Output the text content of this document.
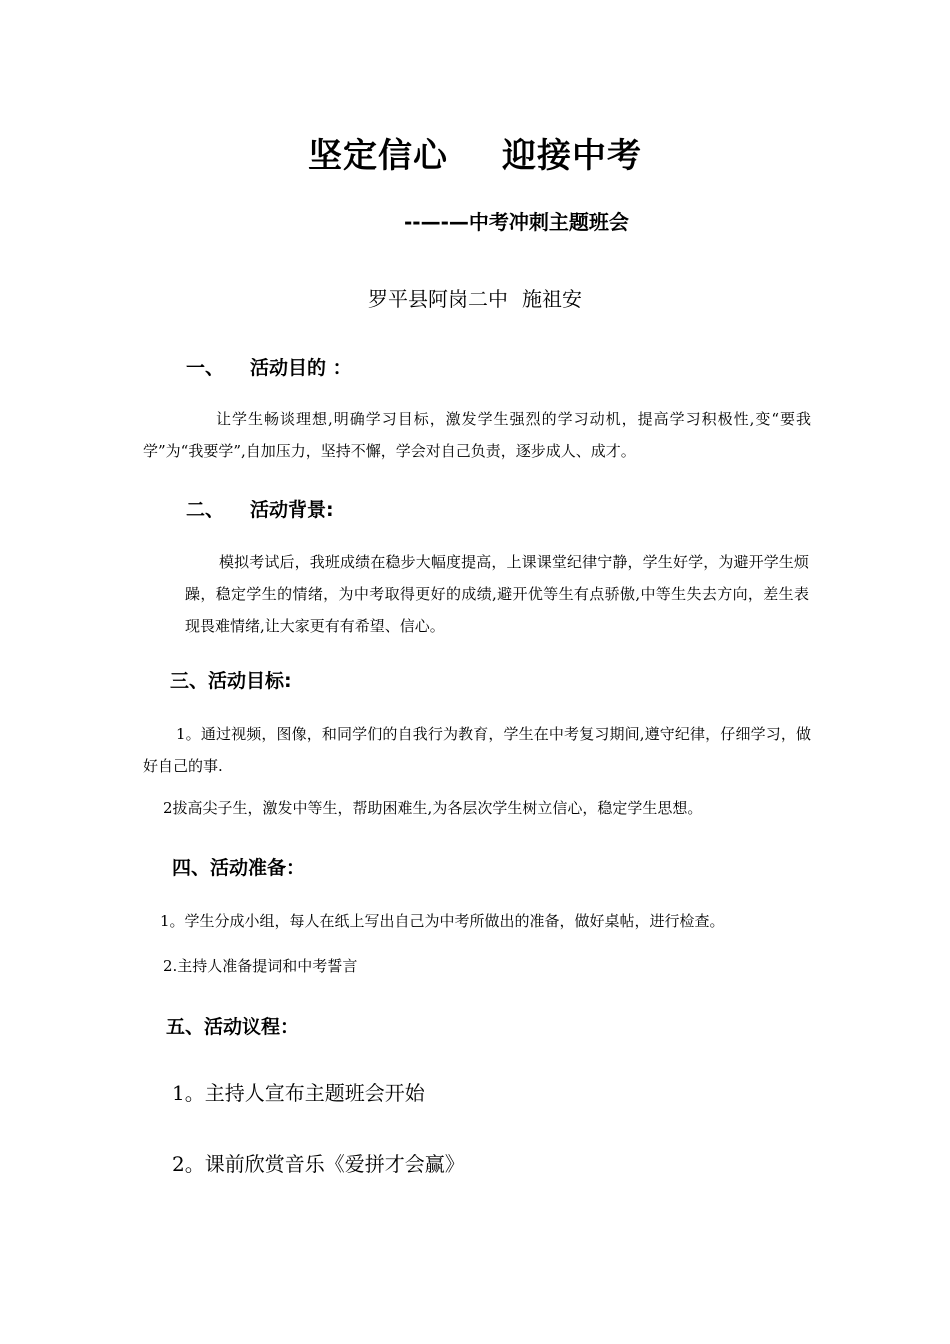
坚定信心 迎接中考
--—-—中考冲刺主题班会
罗平县阿岗二中 施祖安
一、 活动目的 ：
让学生畅谈理想,明确学习目标，激发学生强烈的学习动机，提高学习积极性,变“要我学”为“我要学”,自加压力，坚持不懈，学会对自己负责，逐步成人、成才。
二、 活动背景:
模拟考试后，我班成绩在稳步大幅度提高，上课课堂纪律宁静，学生好学，为避开学生烦躁，稳定学生的情绪，为中考取得更好的成绩,避开优等生有点骄傲,中等生失去方向，差生表现畏难情绪,让大家更有有希望、信心。
三、活动目标:
1。通过视频，图像，和同学们的自我行为教育，学生在中考复习期间,遵守纪律，仔细学习，做好自己的事.
2拔高尖子生，激发中等生，帮助困难生,为各层次学生树立信心，稳定学生思想。
四、活动准备：
1。学生分成小组，每人在纸上写出自己为中考所做出的准备，做好桌帖，进行检查。
2.主持人准备提词和中考誓言
五、活动议程：
1。主持人宣布主题班会开始
2。课前欣赏音乐《爱拼才会赢》
